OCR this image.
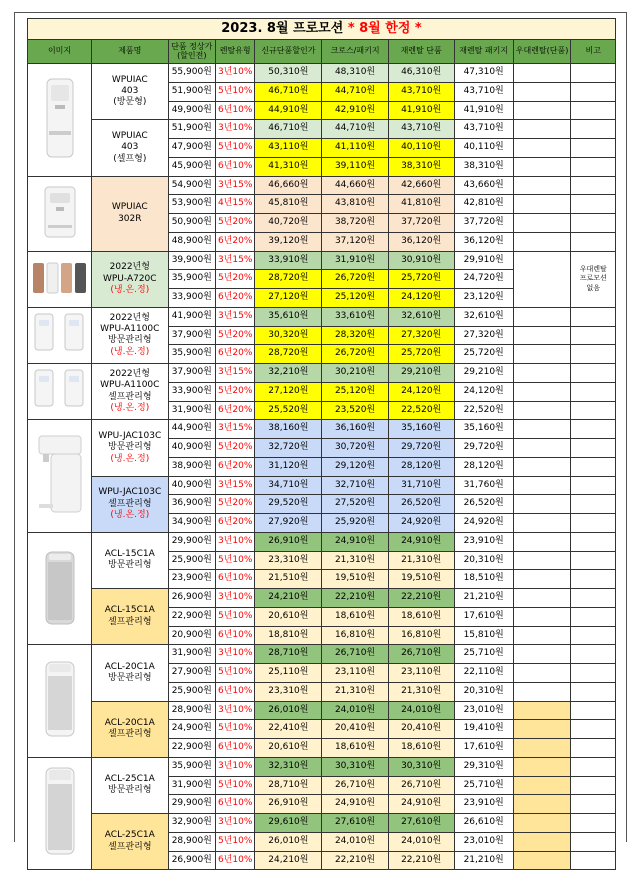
2023. 8월 프로모션 * 8월 한정 *									
이미지	제품명	단품 정상가 (할인전)	렌탈유형	신규단품할인가	크로스/패키지	재렌탈 단품	재렌탈 패키지	우대렌탈(단품)	비고

WPUIAC
403
(방문형)	55,900원	3년10%	50,310원	48,310원	46,310원	47,310원		
		51,900원	5년10%	46,710원	44,710원	43,710원	43,710원		
		49,900원	6년10%	44,910원	42,910원	41,910원	41,910원		

	WPUIAC
403
(셀프형)	51,900원	3년10%	46,710원	44,710원	43,710원	43,710원		
		47,900원	5년10%	43,110원	41,110원	40,110원	40,110원		
		45,900원	6년10%	41,310원	39,110원	38,310원	38,310원		

WPUIAC
302R	54,900원	3년15%	46,660원	44,660원	42,660원	43,660원		
		53,900원	4년15%	45,810원	43,810원	41,810원	42,810원		
		50,900원	5년20%	40,720원	38,720원	37,720원	37,720원		
		48,900원	6년20%	39,120원	37,120원	36,120원	36,120원		

2022년형
WPU-A720C
(냉.온.정)	39,900원	3년15%	33,910원	31,910원	30,910원	29,910원		우대렌탈
프로모션
없음

		35,900원	5년20%	28,720원	26,720원	25,720원	24,720원		
		33,900원	6년20%	27,120원	25,120원	24,120원	23,120원		

2022년형
WPU-A1100C
방문관리형
(냉.온.정)	41,900원	3년15%	35,610원	33,610원	32,610원	32,610원		
		37,900원	5년20%	30,320원	28,320원	27,320원	27,320원		
		35,900원	6년20%	28,720원	26,720원	25,720원	25,720원		

2022년형
WPU-A1100C
셀프관리형
(냉.온.정)	37,900원	3년15%	32,210원	30,210원	29,210원	29,210원		
		33,900원	5년20%	27,120원	25,120원	24,120원	24,120원		
		31,900원	6년20%	25,520원	23,520원	22,520원	22,520원		

WPU-JAC103C
방문관리형
(냉.온.정)	44,900원	3년15%	38,160원	36,160원	35,160원	35,160원		
		40,900원	5년20%	32,720원	30,720원	29,720원	29,720원		
		38,900원	6년20%	31,120원	29,120원	28,120원	28,120원		

	WPU-JAC103C
셀프관리형
(냉.온.정)	40,900원	3년15%	34,710원	32,710원	31,710원	31,760원		
		36,900원	5년20%	29,520원	27,520원	26,520원	26,520원		
		34,900원	6년20%	27,920원	25,920원	24,920원	24,920원		

ACL-15C1A
방문관리형	29,900원	3년10%	26,910원	24,910원	24,910원	23,910원		
		25,900원	5년10%	23,310원	21,310원	21,310원	20,310원		
		23,900원	6년10%	21,510원	19,510원	19,510원	18,510원		

	ACL-15C1A
셀프관리형	26,900원	3년10%	24,210원	22,210원	22,210원	21,210원		
		22,900원	5년10%	20,610원	18,610원	18,610원	17,610원		
		20,900원	6년10%	18,810원	16,810원	16,810원	15,810원		

ACL-20C1A
방문관리형	31,900원	3년10%	28,710원	26,710원	26,710원	25,710원		
		27,900원	5년10%	25,110원	23,110원	23,110원	22,110원		
		25,900원	6년10%	23,310원	21,310원	21,310원	20,310원		

	ACL-20C1A
셀프관리형	28,900원	3년10%	26,010원	24,010원	24,010원	23,010원		
		24,900원	5년10%	22,410원	20,410원	20,410원	19,410원		
		22,900원	6년10%	20,610원	18,610원	18,610원	17,610원		

ACL-25C1A
방문관리형	35,900원	3년10%	32,310원	30,310원	30,310원	29,310원		
		31,900원	5년10%	28,710원	26,710원	26,710원	25,710원		
		29,900원	6년10%	26,910원	24,910원	24,910원	23,910원		

	ACL-25C1A
셀프관리형	32,900원	3년10%	29,610원	27,610원	27,610원	26,610원		
		28,900원	5년10%	26,010원	24,010원	24,010원	23,010원		
		26,900원	6년10%	24,210원	22,210원	22,210원	21,210원		
